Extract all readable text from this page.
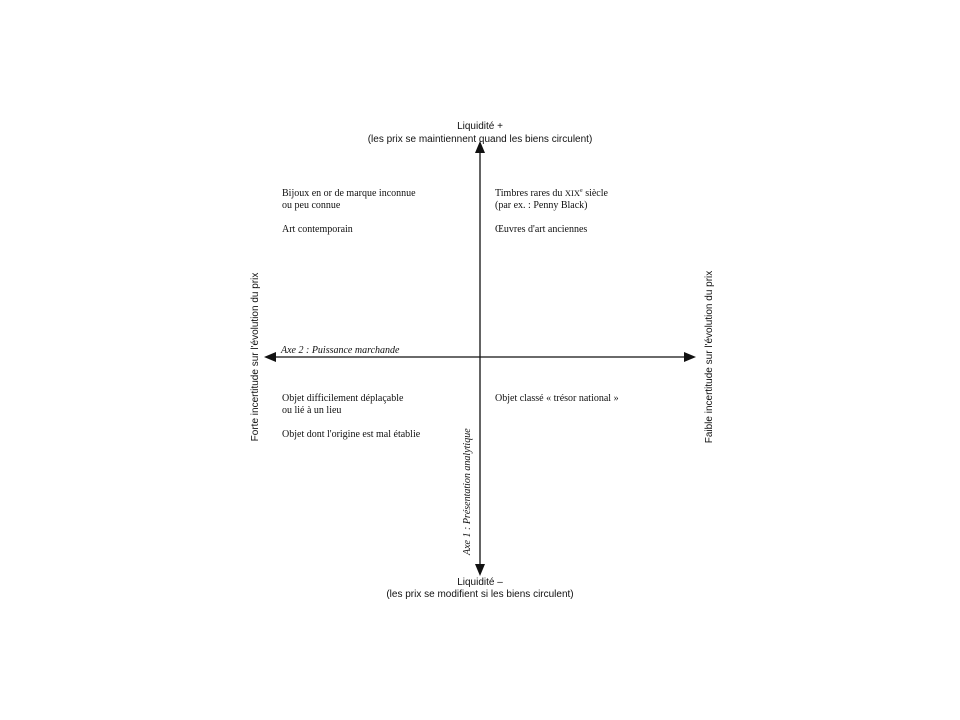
Liquidité +
(les prix se maintiennent quand les biens circulent)
Liquidité –
(les prix se modifient si les biens circulent)
Forte incertitude sur l'évolution du prix	Faible incertitude sur l'évolution du prix
Axe 2 : Puissance marchande
Axe 1 : Présentation analytique
Bijoux en or de marque inconnue
ou peu connue
Art contemporain
Timbres rares du XIXe siècle
(par ex. : Penny Black)
Œuvres d'art anciennes
Objet difficilement déplaçable
ou lié à un lieu
Objet dont l'origine est mal établie
Objet classé « trésor national »
